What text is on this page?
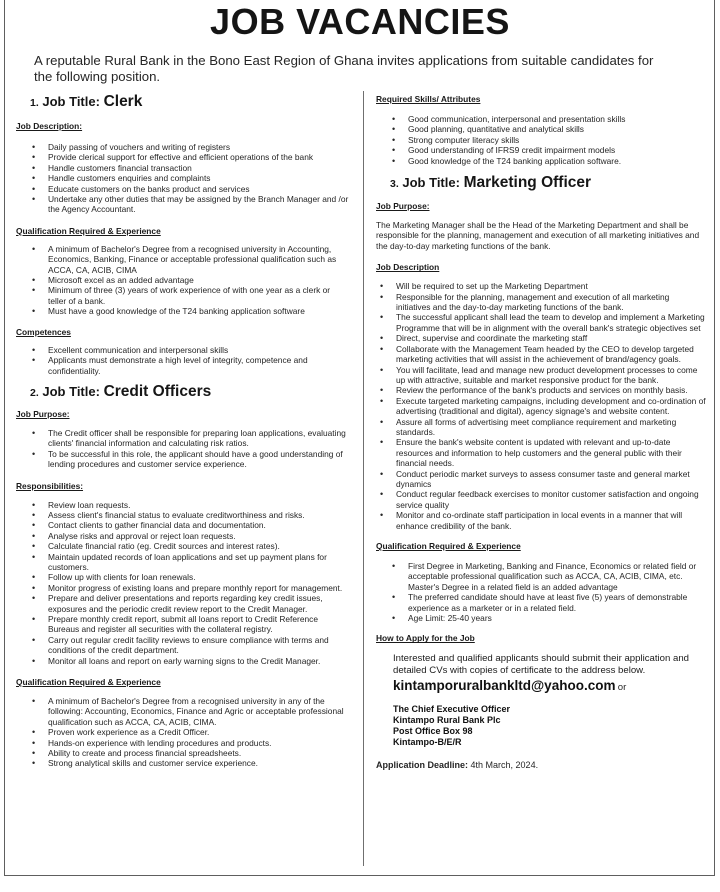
JOB VACANCIES

A reputable Rural Bank in the Bono East Region of Ghana invites applications from suitable candidates for the following position.

1. Job Title: Clerk

Job Description:

• Daily passing of vouchers and writing of registers
• Provide clerical support for effective and efficient operations of the bank
• Handle customers financial transaction
• Handle customers enquiries and complaints
• Educate customers on the banks product and services
• Undertake any other duties that may be assigned by the Branch Manager and /or the Agency Accountant.

Qualification Required & Experience

• A minimum of Bachelor's Degree from a recognised university in Accounting, Economics, Banking, Finance or acceptable professional qualification such as ACCA, CA, ACIB, CIMA
• Microsoft excel as an added advantage
• Minimum of three (3) years of work experience of with one year as a clerk or teller of a bank.
• Must have a good knowledge of the T24 banking application software

Competences

• Excellent communication and interpersonal skills
• Applicants must demonstrate a high level of integrity, competence and confidentiality.

2. Job Title: Credit Officers

Job Purpose:

• The Credit officer shall be responsible for preparing loan applications, evaluating clients' financial information and calculating risk ratios.
• To be successful in this role, the applicant should have a good understanding of lending procedures and customer service experience.

Responsibilities:

• Review loan requests.
• Assess client's financial status to evaluate creditworthiness and risks.
• Contact clients to gather financial data and documentation.
• Analyse risks and approval or reject loan requests.
• Calculate financial ratio (eg. Credit sources and interest rates).
• Maintain updated records of loan applications and set up payment plans for customers.
• Follow up with clients for loan renewals.
• Monitor progress of existing loans and prepare monthly report for management.
• Prepare and deliver presentations and reports regarding key credit issues, exposures and the periodic credit review report to the Credit Manager.
• Prepare monthly credit report, submit all loans report to Credit Reference Bureaus and register all securities with the collateral registry.
• Carry out regular credit facility reviews to ensure compliance with terms and conditions of the credit department.
• Monitor all loans and report on early warning signs to the Credit Manager.

Qualification Required & Experience

• A minimum of Bachelor's Degree from a recognised university in any of the following: Accounting, Economics, Finance and Agric or acceptable professional qualification such as ACCA, CA, ACIB, CIMA.
• Proven work experience as a Credit Officer.
• Hands-on experience with lending procedures and products.
• Ability to create and process financial spreadsheets.
• Strong analytical skills and customer service experience.

Required Skills/ Attributes

• Good communication, interpersonal and presentation skills
• Good planning, quantitative and analytical skills
• Strong computer literacy skills
• Good understanding of IFRS9 credit impairment models
• Good knowledge of the T24 banking application software.

3. Job Title: Marketing Officer

Job Purpose:

The Marketing Manager shall be the Head of the Marketing Department and shall be responsible for the planning, management and execution of all marketing initiatives and the day-to-day marketing functions of the bank.

Job Description

• Will be required to set up the Marketing Department
• Responsible for the planning, management and execution of all marketing initiatives and the day-to-day marketing functions of the bank.
• The successful applicant shall lead the team to develop and implement a Marketing Programme that will be in alignment with the overall bank's strategic objectives set
• Direct, supervise and coordinate the marketing staff
• Collaborate with the Management Team headed by the CEO to develop targeted marketing activities that will assist in the achievement of brand/agency goals.
• You will facilitate, lead and manage new product development processes to come up with attractive, suitable and market responsive product for the bank.
• Review the performance of the bank's products and services on monthly basis.
• Execute targeted marketing campaigns, including development and co-ordination of advertising (traditional and digital), agency signage's and website content.
• Assure all forms of advertising meet compliance requirement and marketing standards.
• Ensure the bank's website content is updated with relevant and up-to-date resources and information to help customers and the general public with their financial needs.
• Conduct periodic market surveys to assess consumer taste and general market dynamics
• Conduct regular feedback exercises to monitor customer satisfaction and ongoing service quality
• Monitor and co-ordinate staff participation in local events in a manner that will enhance credibility of the bank.

Qualification Required & Experience

• First Degree in Marketing, Banking and Finance, Economics or related field or acceptable professional qualification such as ACCA, CA, ACIB, CIMA, etc. Master's Degree in a related field is an added advantage
• The preferred candidate should have at least five (5) years of demonstrable experience as a marketer or in a related field.
• Age Limit: 25-40 years

How to Apply for the Job

Interested and qualified applicants should submit their application and detailed CVs with copies of certificate to the address below.

kintamporuralbankltd@yahoo.com or

The Chief Executive Officer

Kintampo Rural Bank Plc

Post Office Box 98

Kintampo-B/E/R

Application Deadline: 4th March, 2024.
